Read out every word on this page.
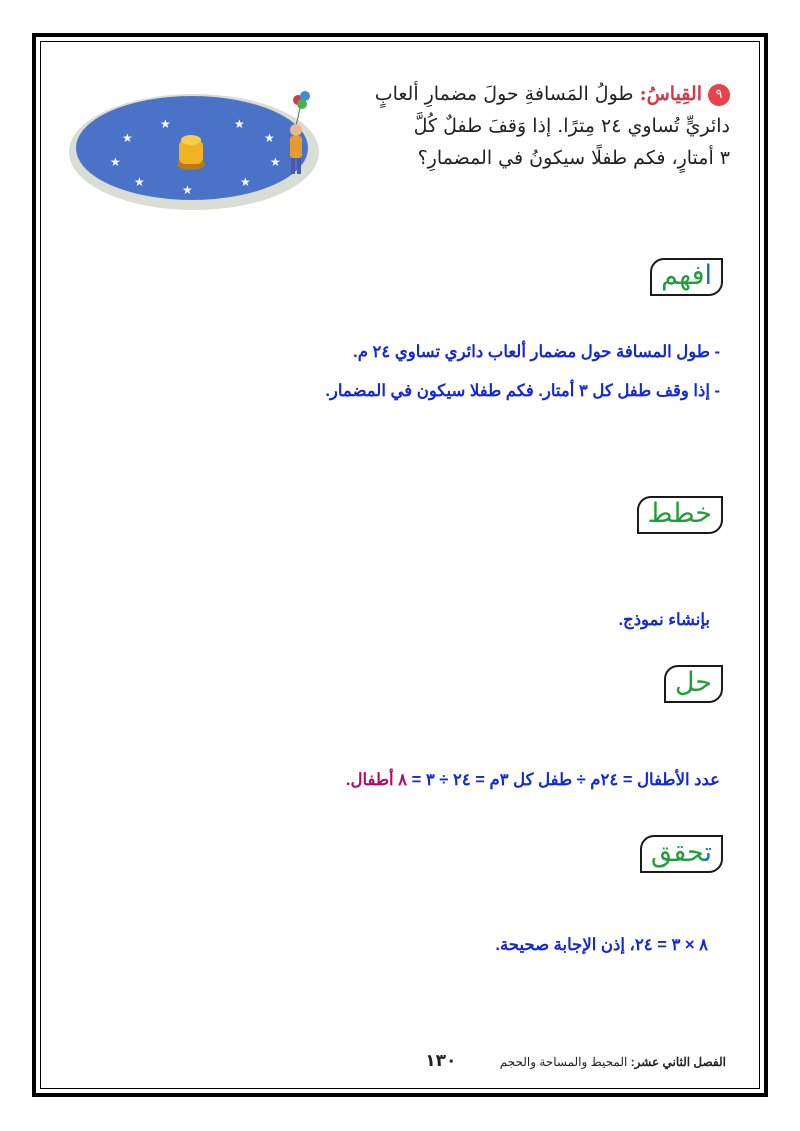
★	★
★	★
★	★
★	★
★
٩القِياسُ: طولُ المَسافةِ حولَ مضمارِ ألعابٍ
دائريٍّ تُساوي ٢٤ مِترًا. إذا وَقفَ طفلٌ كُلَّ
٣ أمتارٍ، فكم طفلًا سيكونُ في المضمارِ؟
افهم
- طول المسافة حول مضمار ألعاب دائري تساوي ٢٤ م.
- إذا وقف طفل كل ٣ أمتار. فكم طفلا سيكون في المضمار.
خطط
بإنشاء نموذج.
حل
عدد الأطفال = ٢٤م ÷ طفل كل ٣م = ٢٤ ÷ ٣ = ٨ أطفال.
تحقق
٨ × ٣ = ٢٤، إذن الإجابة صحيحة.
الفصل الثاني عشر: المحيط والمساحة والحجم ١٣٠
